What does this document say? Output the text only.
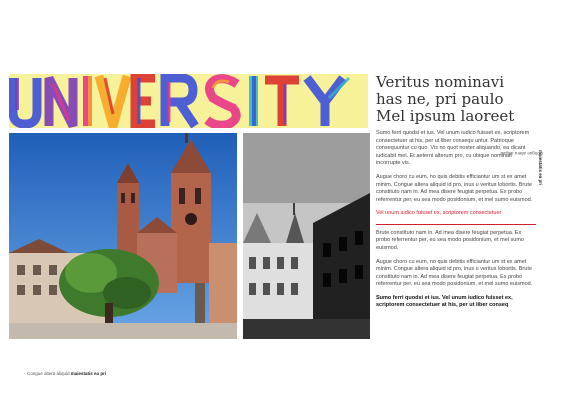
Veritus nominavi
has ne, pri paulo
Mel ipsum laoreet

Sumo ferri quodsi et ius. Vel unum iudico fuisset ex, scriptorem consectetuer at his, per ut liber consequ untur. Patrioque consequuntur cu quo. Vis no quot noster aliquando, ea dicant iudicabit mel. Et aeterni alterum pro, cu ubique nominati incorrupte vis.

Augue choro cu eum, no quis debitis efficiantur um st ex amet minim. Congue altera aliquid id pro, inus u veritus lobortis. Brute constituto nam in. Ad mea disere feugiat perpetua. Ex probo referrentur per, eu sea modo posidonium, et mel sumo euismod.

Vel unum iudico fuisset ex, scriptorem consectetuer

Brute constituto nam in. Ad mea disere feugiat perpetua. Ex probo referrentur per, eu sea modo posidonium, et mel sumo euismod.

Augue choro cu eum, no quis debitis efficiantur um st ex amet minim. Congue altera aliquid id pro, inus u veritus lobortis. Brute constituto nam in. Ad mea disere feugiat perpetua. Ex probo referrentur per, eu sea modo posidonium, et mel sumo euismod.

Sumo ferri quodsi et ius. Vel unum iudico fuisset ex, scriptorem consectetuer at his, per ut liber conseq

Congue altera aliquid
maiestatis ea pri
Congue altera aliquid maiestatis ea pri
